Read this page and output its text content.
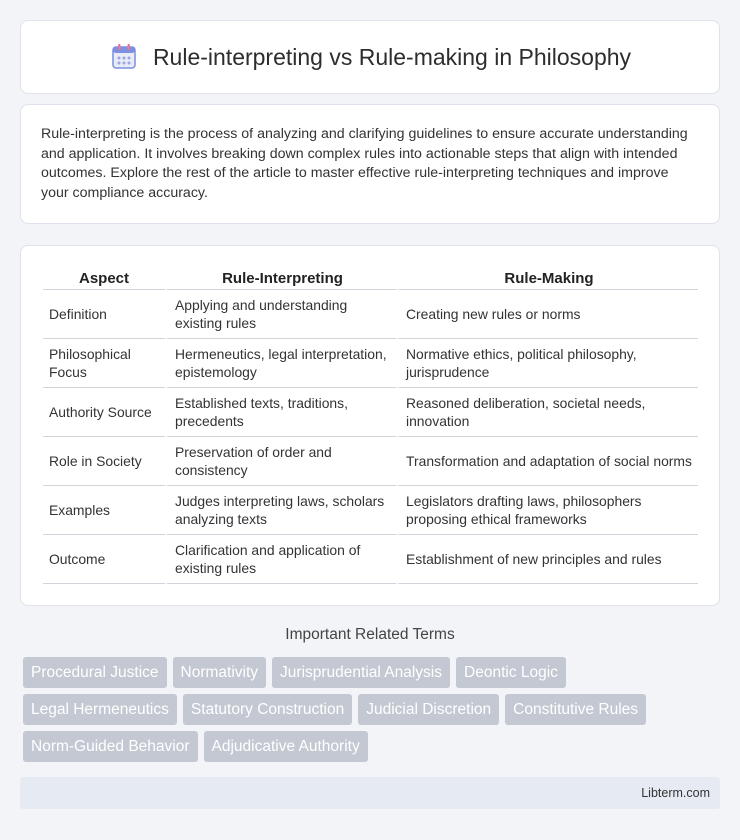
Rule-interpreting vs Rule-making in Philosophy

Rule-interpreting is the process of analyzing and clarifying guidelines to ensure accurate understanding and application. It involves breaking down complex rules into actionable steps that align with intended outcomes. Explore the rest of the article to master effective rule-interpreting techniques and improve your compliance accuracy.

Aspect	Rule-Interpreting	Rule-Making
Definition	Applying and understanding existing rules	Creating new rules or norms
Philosophical Focus	Hermeneutics, legal interpretation, epistemology	Normative ethics, political philosophy, jurisprudence
Authority Source	Established texts, traditions, precedents	Reasoned deliberation, societal needs, innovation
Role in Society	Preservation of order and consistency	Transformation and adaptation of social norms
Examples	Judges interpreting laws, scholars analyzing texts	Legislators drafting laws, philosophers proposing ethical frameworks
Outcome	Clarification and application of existing rules	Establishment of new principles and rules
Important Related Terms
Procedural Justice	Normativity	Jurisprudential Analysis	Deontic Logic
Legal Hermeneutics	Statutory Construction	Judicial Discretion	Constitutive Rules
Norm-Guided Behavior	Adjudicative Authority
Libterm.com
